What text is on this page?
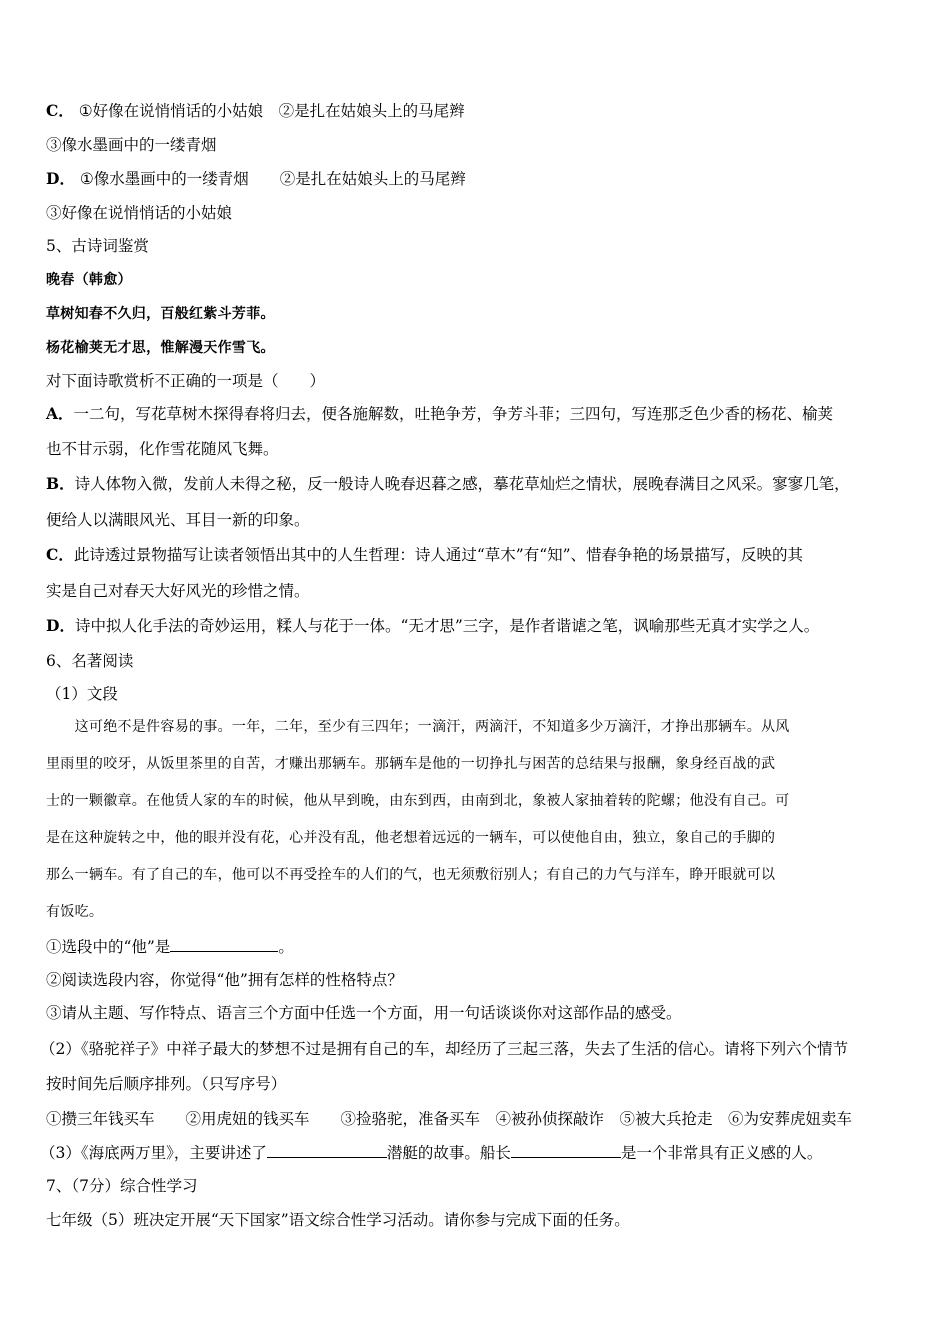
C． ①好像在说悄悄话的小姑娘　②是扎在姑娘头上的马尾辫
③像水墨画中的一缕青烟
D． ①像水墨画中的一缕青烟　　②是扎在姑娘头上的马尾辫
③好像在说悄悄话的小姑娘
5、古诗词鉴赏
晚春（韩愈）
草树知春不久归，百般红紫斗芳菲。
杨花榆荚无才思，惟解漫天作雪飞。
对下面诗歌赏析不正确的一项是（　　）
A．一二句，写花草树木探得春将归去，便各施解数，吐艳争芳，争芳斗菲；三四句，写连那乏色少香的杨花、榆荚
也不甘示弱，化作雪花随风飞舞。
B．诗人体物入微，发前人未得之秘，反一般诗人晚春迟暮之感，摹花草灿烂之情状，展晚春满目之风采。寥寥几笔，
便给人以满眼风光、耳目一新的印象。
C．此诗透过景物描写让读者领悟出其中的人生哲理：诗人通过“草木”有“知”、惜春争艳的场景描写，反映的其
实是自己对春天大好风光的珍惜之情。
D．诗中拟人化手法的奇妙运用，糅人与花于一体。“无才思”三字，是作者谐谑之笔，讽喻那些无真才实学之人。
6、名著阅读
（1）文段
　　这可绝不是件容易的事。一年，二年，至少有三四年；一滴汗，两滴汗，不知道多少万滴汗，才挣出那辆车。从风
里雨里的咬牙，从饭里茶里的自苦，才赚出那辆车。那辆车是他的一切挣扎与困苦的总结果与报酬，象身经百战的武
士的一颗徽章。在他赁人家的车的时候，他从早到晚，由东到西，由南到北，象被人家抽着转的陀螺；他没有自己。可
是在这种旋转之中，他的眼并没有花，心并没有乱，他老想着远远的一辆车，可以使他自由，独立，象自己的手脚的
那么一辆车。有了自己的车，他可以不再受拴车的人们的气，也无须敷衍别人；有自己的力气与洋车，睁开眼就可以
有饭吃。
①选段中的“他”是	。
②阅读选段内容，你觉得“他”拥有怎样的性格特点？
③请从主题、写作特点、语言三个方面中任选一个方面，用一句话谈谈你对这部作品的感受。
（2）《骆驼祥子》中祥子最大的梦想不过是拥有自己的车，却经历了三起三落，失去了生活的信心。请将下列六个情节
按时间先后顺序排列。（只写序号）
①攒三年钱买车　　②用虎妞的钱买车　　③捡骆驼，准备买车　④被孙侦探敲诈　⑤被大兵抢走　⑥为安葬虎妞卖车
（3）《海底两万里》，主要讲述了	潜艇的故事。船长	是一个非常具有正义感的人。
7、（7分）综合性学习
七年级（5）班决定开展“天下国家”语文综合性学习活动。请你参与完成下面的任务。
